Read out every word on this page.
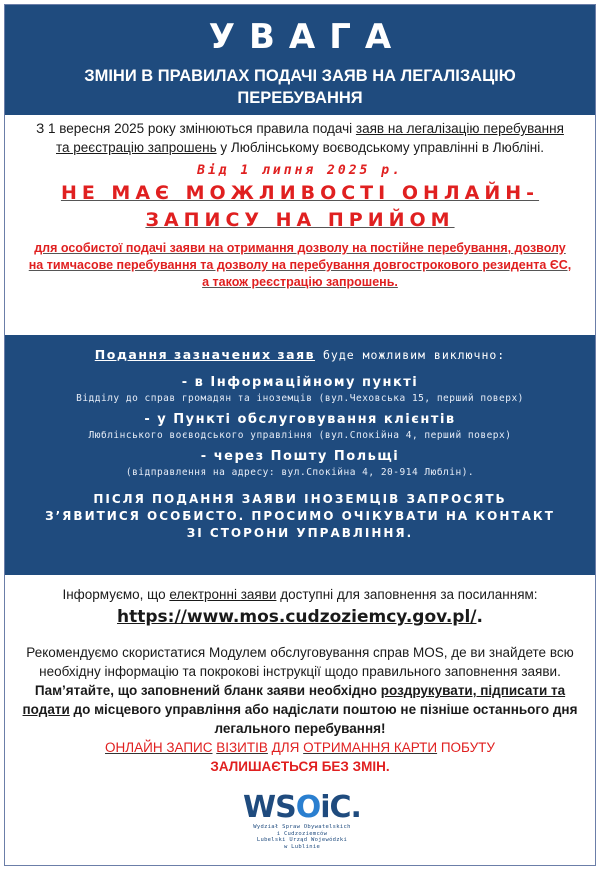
УВАГА
ЗМІНИ В ПРАВИЛАХ ПОДАЧІ ЗАЯВ НА ЛЕГАЛІЗАЦІЮ ПЕРЕБУВАННЯ
З 1 вересня 2025 року змінюються правила подачі заяв на легалізацію перебування та реєстрацію запрошень у Люблінському воєводському управлінні в Любліні.
Від 1 липня 2025 р.
НЕ МАЄ МОЖЛИВОСТІ ОНЛАЙН-ЗАПИСУ НА ПРИЙОМ
для особистої подачі заяви на отримання дозволу на постійне перебування, дозволу на тимчасове перебування та дозволу на перебування довгострокового резидента ЄС, а також реєстрацію запрошень.
Подання зазначених заяв буде можливим виключно:
- в Інформаційному пункті
Відділу до справ громадян та іноземців (вул.Чеховська 15, перший поверх)
- у Пункті обслуговування клієнтів
Люблінського воєводського управління (вул.Спокійна 4, перший поверх)
- через Пошту Польщі
(відправлення на адресу: вул.Спокійна 4, 20-914 Люблін).
ПІСЛЯ ПОДАННЯ ЗАЯВИ ІНОЗЕМЦІВ ЗАПРОСЯТЬ З’ЯВИТИСЯ ОСОБИСТО. ПРОСИМО ОЧІКУВАТИ НА КОНТАКТ ЗІ СТОРОНИ УПРАВЛІННЯ.
Інформуємо, що електронні заяви доступні для заповнення за посиланням:
https://www.mos.cudzoziemcy.gov.pl/.
Рекомендуємо скористатися Модулем обслуговування справ MOS, де ви знайдете всю необхідну інформацію та покрокові інструкції щодо правильного заповнення заяви.
Пам’ятайте, що заповнений бланк заяви необхідно роздрукувати, підписати та подати до місцевого управління або надіслати поштою не пізніше останнього дня легального перебування!
ОНЛАЙН ЗАПИС ВІЗИТІВ ДЛЯ ОТРИМАННЯ КАРТИ ПОБУТУ
ЗАЛИШАЄТЬСЯ БЕЗ ЗМІН.
WSOiC.
Wydział Spraw Obywatelskich
i Cudzoziemców
Lubelski Urząd Wojewódzki
w Lublinie
